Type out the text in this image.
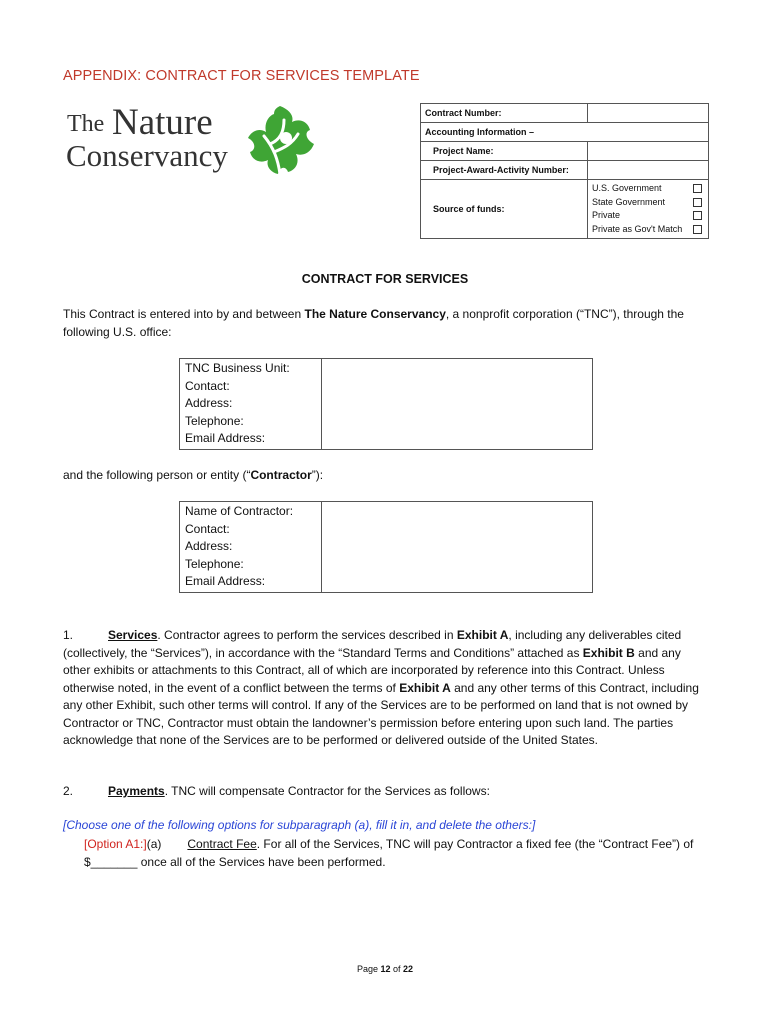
APPENDIX: CONTRACT FOR SERVICES TEMPLATE
The Nature
Conservancy
Contract Number:	
Accounting Information –	
Project Name:	
Project-Award-Activity Number:	
Source of funds:	U.S. Government
State Government
Private
Private as Gov't Match
CONTRACT FOR SERVICES
This Contract is entered into by and between The Nature Conservancy, a nonprofit corporation (“TNC”), through the following U.S. office:
TNC Business Unit:
Contact:
Address:
Telephone:
Email Address:

and the following person or entity (“Contractor”):
Name of Contractor:
Contact:
Address:
Telephone:
Email Address:

1.	Services. Contractor agrees to perform the services described in Exhibit A, including any deliverables cited (collectively, the “Services”), in accordance with the “Standard Terms and Conditions” attached as Exhibit B and any other exhibits or attachments to this Contract, all of which are incorporated by reference into this Contract. Unless otherwise noted, in the event of a conflict between the terms of Exhibit A and any other terms of this Contract, including any other Exhibit, such other terms will control. If any of the Services are to be performed on land that is not owned by Contractor or TNC, Contractor must obtain the landowner’s permission before entering upon such land. The parties acknowledge that none of the Services are to be performed or delivered outside of the United States.
2.	Payments. TNC will compensate Contractor for the Services as follows:
[Choose one of the following options for subparagraph (a), fill it in, and delete the others:]
[Option A1:](a) Contract Fee. For all of the Services, TNC will pay Contractor a fixed fee (the “Contract Fee”) of $_______ once all of the Services have been performed.
Page 12 of 22
